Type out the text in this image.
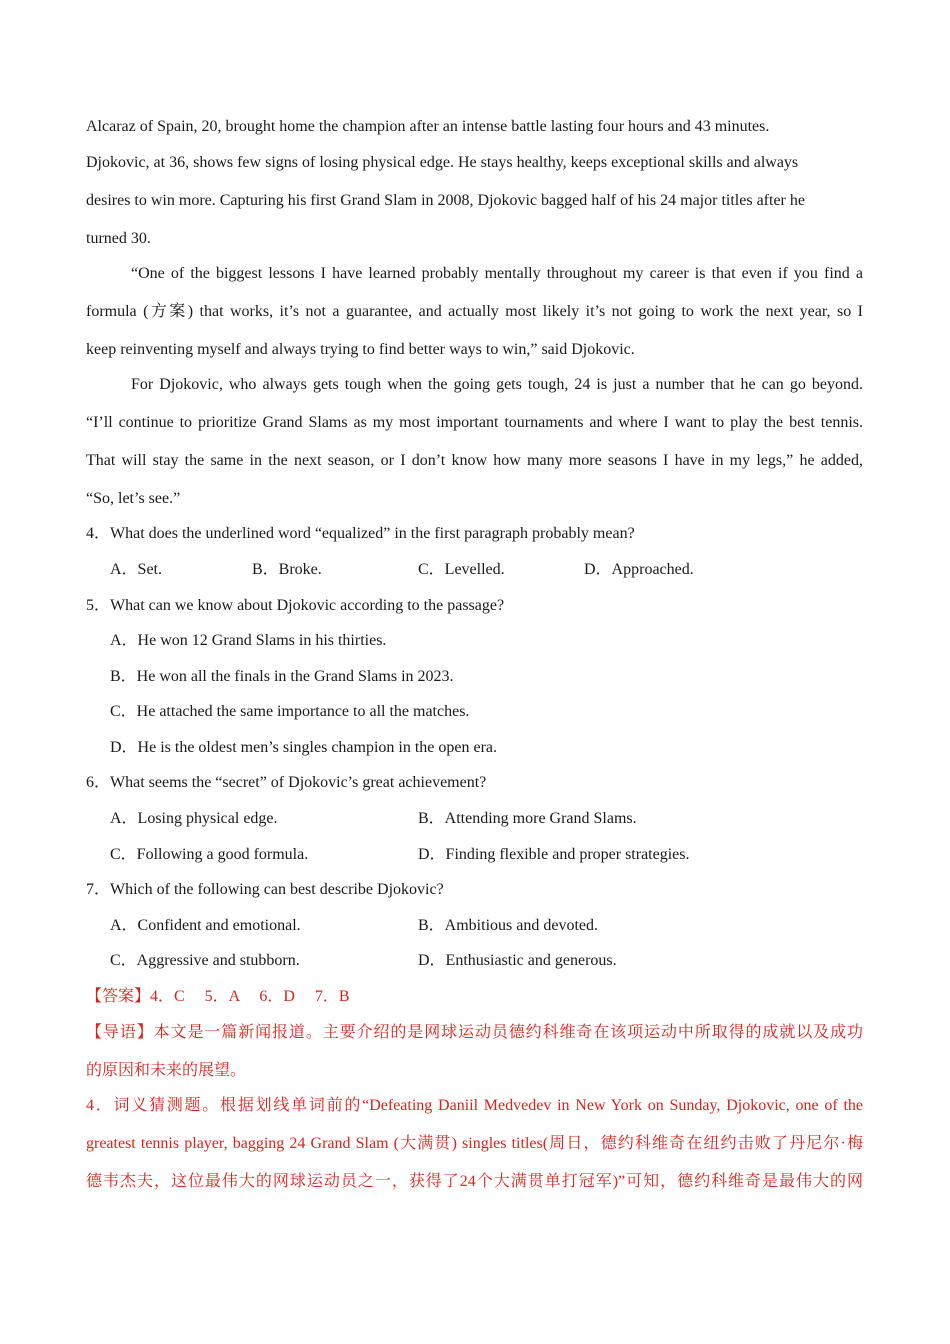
Alcaraz of Spain, 20, brought home the champion after an intense battle lasting four hours and 43 minutes.
Djokovic, at 36, shows few signs of losing physical edge. He stays healthy, keeps exceptional skills and always
desires to win more. Capturing his first Grand Slam in 2008, Djokovic bagged half of his 24 major titles after he
turned 30.
“One of the biggest lessons I have learned probably mentally throughout my career is that even if you find a
formula (方案) that works, it’s not a guarantee, and actually most likely it’s not going to work the next year, so I
keep reinventing myself and always trying to find better ways to win,” said Djokovic.
For Djokovic, who always gets tough when the going gets tough, 24 is just a number that he can go beyond.
“I’ll continue to prioritize Grand Slams as my most important tournaments and where I want to play the best tennis.
That will stay the same in the next season, or I don’t know how many more seasons I have in my legs,” he added,
“So, let’s see.”
4．What does the underlined word “equalized” in the first paragraph probably mean?
A．Set.	B．Broke.	C．Levelled.	D．Approached.
5．What can we know about Djokovic according to the passage?
A．He won 12 Grand Slams in his thirties.
B．He won all the finals in the Grand Slams in 2023.
C．He attached the same importance to all the matches.
D．He is the oldest men’s singles champion in the open era.
6．What seems the “secret” of Djokovic’s great achievement?
A．Losing physical edge.	B．Attending more Grand Slams.
C．Following a good formula.	D．Finding flexible and proper strategies.
7．Which of the following can best describe Djokovic?
A．Confident and emotional.	B．Ambitious and devoted.
C．Aggressive and stubborn.	D．Enthusiastic and generous.
【答案】4．C　 5．A　 6．D　 7．B
【导语】本文是一篇新闻报道。主要介绍的是网球运动员德约科维奇在该项运动中所取得的成就以及成功
的原因和未来的展望。
4．词义猜测题。根据划线单词前的“Defeating Daniil Medvedev in New York on Sunday, Djokovic, one of the
greatest tennis player, bagging 24 Grand Slam (大满贯) singles titles(周日，德约科维奇在纽约击败了丹尼尔·梅
德韦杰夫，这位最伟大的网球运动员之一，获得了24个大满贯单打冠军)”可知，德约科维奇是最伟大的网
